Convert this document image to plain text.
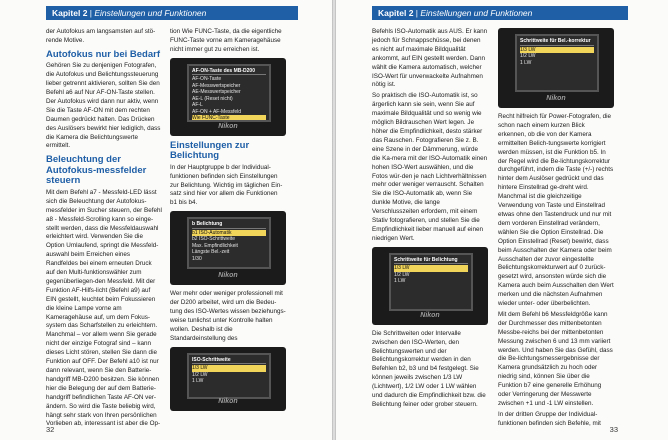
Kapitel 2 | Einstellungen und Funktionen

der Autofokus am langsamsten auf stö-rende Motive.

Autofokus nur bei Bedarf

Gehören Sie zu denjenigen Fotografen, die Autofokus und Belichtungssteuerung lieber getrennt aktivieren, sollten Sie den Befehl a6 auf Nur AF-ON-Taste stellen. Der Autofokus wird dann nur aktiv, wenn Sie die Taste AF-ON mit dem rechten Daumen gedrückt halten. Das Drücken des Auslösers bewirkt hier lediglich, dass die Kamera die Belichtungswerte ermittelt.

Beleuchtung der Autofokus-messfelder steuern

Mit dem Befehl a7 - Messfeld-LED lässt sich die Beleuchtung der Autofokus-messfelder im Sucher steuern, der Befehl a8 - Messfeld-Scrolling kann so einge-stellt werden, dass die Messfeldauswahl erleichtert wird. Verwenden Sie die Option Umlaufend, springt die Messfeld-auswahl beim Erreichen eines Randfeldes bei einem erneuten Druck auf den Multi-funktionswähler zum gegenüberliegen-den Messfeld. Mit der Funktion AF-Hilfs-licht (Befehl a9) auf EIN gestellt, leuchtet beim Fokussieren die kleine Lampe vorne am Kameragehäuse auf, um dem Fokus-system das Scharfstellen zu erleichtern. Manchmal – vor allem wenn Sie gerade nicht der einzige Fotograf sind – kann dieses Licht stören, stellen Sie dann die Funktion auf OFF. Der Befehl a10 ist nur dann relevant, wenn Sie den Batterie-handgriff MB-D200 besitzen. Sie können hier die Belegung der auf dem Batterie-handgriff befindlichen Taste AF-ON ver-ändern. So wird die Taste beliebig wird, hängt sehr stark von Ihren persönlichen Vorlieben ab, interessant ist aber die Op-

tion Wie FUNC-Taste, da die eigentliche FUNC-Taste vorne am Kameragehäuse nicht immer gut zu erreichen ist.

AF-ON-Taste des MB-D200
AF-ON-Taste
AF-Messwertspeicher
AE-Messwertspeicher
AE-L (Reset nicht)
AF-L
AF-ON + AF-Messfeld
Wie FUNC-Taste
Nikon
Einstellungen zur Belichtung

In der Hauptgruppe b der Individual-funktionen befinden sich Einstellungen zur Belichtung. Wichtig im täglichen Ein-satz sind hier vor allem die Funktionen b1 bis b4.

b Belichtung
b1 ISO-Automatik
b2 ISO-Schrittweite
Max. Empfindlichkeit
Längste Bel.-zeit
1/30
Nikon

Wer mehr oder weniger professionell mit der D200 arbeitet, wird um die Bedeu-tung des ISO-Wertes wissen beziehungs-weise tunlichst unter Kontrolle halten wollen. Deshalb ist die Standardeinstellung des

ISO-Schrittweite
1/3 LW
1/2 LW
1 LW
Nikon
32
Kapitel 2 | Einstellungen und Funktionen

Befehls ISO-Automatik aus AUS. Er kann jedoch für Schnappschüsse, bei denen es nicht auf maximale Bildqualität ankommt, auf EIN gestellt werden. Dann wählt die Kamera automatisch, welcher ISO-Wert für unverwackelte Aufnahmen nötig ist.

So praktisch die ISO-Automatik ist, so ärgerlich kann sie sein, wenn Sie auf maximale Bildqualität und so wenig wie möglich Bildrauschen Wert legen. Je höher die Empfindlichkeit, desto stärker das Rauschen. Fotografieren Sie z. B. eine Szene in der Dämmerung, würde die Ka-mera mit der ISO-Automatik einen hohen ISO-Wert auswählen, und die Fotos wür-den je nach Lichtverhältnissen mehr oder weniger verrauscht. Schalten Sie die ISO-Automatik ab, wenn Sie dunkle Motive, die lange Verschlusszeiten erfordern, mit einem Stativ fotografieren, und stellen Sie die Empfindlichkeit lieber manuell auf einen niedrigen Wert.

Schrittweite für Belichtung
1/3 LW
1/2 LW
1 LW
Nikon

Die Schrittweiten oder Intervalle zwischen den ISO-Werten, den Belichtungswerten und der Belichtungskorrektur werden in den Befehlen b2, b3 und b4 festgelegt. Sie können jeweils zwischen 1/3 LW (Lichtwert), 1/2 LW oder 1 LW wählen und dadurch die Empfindlichkeit bzw. die Belichtung feiner oder grober steuern.

Schrittweite für Bel.-korrektur
1/3 LW
1/2 LW
1 LW
Nikon

Recht hilfreich für Power-Fotografen, die schon nach einem kurzen Blick erkennen, ob die von der Kamera ermittelten Belich-tungswerte korrigiert werden müssen, ist die Funktion b5. In der Regel wird die Be-lichtungskorrektur durchgeführt, indem die Taste (+/-) rechts hinter dem Auslöser gedrückt und das hintere Einstellrad ge-dreht wird. Manchmal ist die gleichzeitige Verwendung von Taste und Einstellrad etwas ohne den Tastendruck und nur mit dem vorderen Einstellrad verändern, wählen Sie die Option Einstellrad. Die Option Einstellrad (Reset) bewirkt, dass beim Ausschalten der Kamera oder beim Ausschalten der zuvor eingestellte Belichtungskorrekturwert auf 0 zurück-gesetzt wird, ansonsten würde sich die Kamera auch beim Ausschalten den Wert merken und die nächsten Aufnahmen wieder unter- oder überbelichten.

Mit dem Befehl b6 Messfeldgröße kann der Durchmesser des mittenbetonten Messbe-reichs bei der mittenbetonten Messung zwischen 6 und 13 mm variiert werden. Und haben Sie das Gefühl, dass die Be-lichtungsmessergebnisse der Kamera grundsätzlich zu hoch oder niedrig sind, können Sie über die Funktion b7 eine generelle Erhöhung oder Verringerung der Messwerte zwischen +1 und -1 LW einstellen.

In der dritten Gruppe der Individual-funktionen befinden sich Befehle, mit

33
